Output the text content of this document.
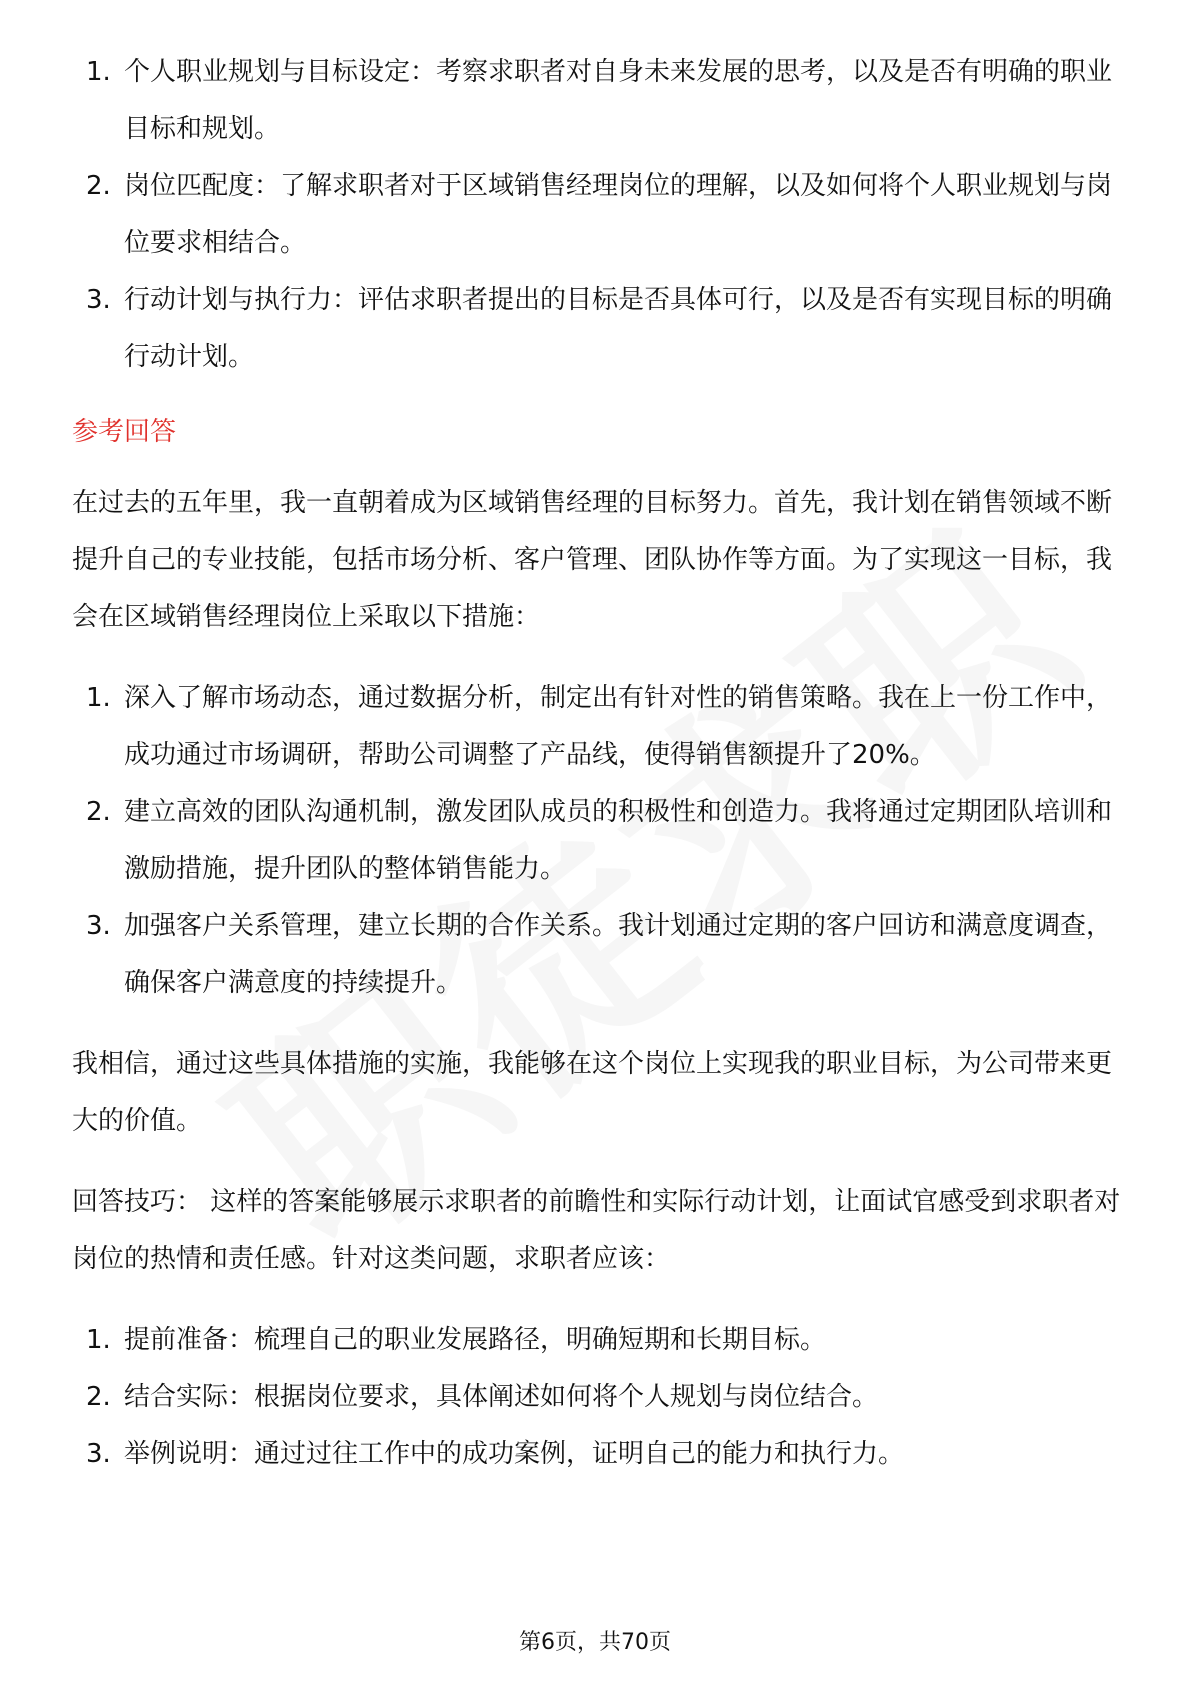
1. 个人职业规划与目标设定：考察求职者对自身未来发展的思考，以及是否有明确的职业目标和规划。
2. 岗位匹配度：了解求职者对于区域销售经理岗位的理解，以及如何将个人职业规划与岗位要求相结合。
3. 行动计划与执行力：评估求职者提出的目标是否具体可行，以及是否有实现目标的明确行动计划。

参考回答

在过去的五年里，我一直朝着成为区域销售经理的目标努力。首先，我计划在销售领域不断提升自己的专业技能，包括市场分析、客户管理、团队协作等方面。为了实现这一目标，我会在区域销售经理岗位上采取以下措施：

1. 深入了解市场动态，通过数据分析，制定出有针对性的销售策略。我在上一份工作中，成功通过市场调研，帮助公司调整了产品线，使得销售额提升了20%。
2. 建立高效的团队沟通机制，激发团队成员的积极性和创造力。我将通过定期团队培训和激励措施，提升团队的整体销售能力。
3. 加强客户关系管理，建立长期的合作关系。我计划通过定期的客户回访和满意度调查，确保客户满意度的持续提升。

我相信，通过这些具体措施的实施，我能够在这个岗位上实现我的职业目标，为公司带来更大的价值。

回答技巧： 这样的答案能够展示求职者的前瞻性和实际行动计划，让面试官感受到求职者对岗位的热情和责任感。针对这类问题，求职者应该：

1. 提前准备：梳理自己的职业发展路径，明确短期和长期目标。
2. 结合实际：根据岗位要求，具体阐述如何将个人规划与岗位结合。
3. 举例说明：通过过往工作中的成功案例，证明自己的能力和执行力。
第6页，共70页
